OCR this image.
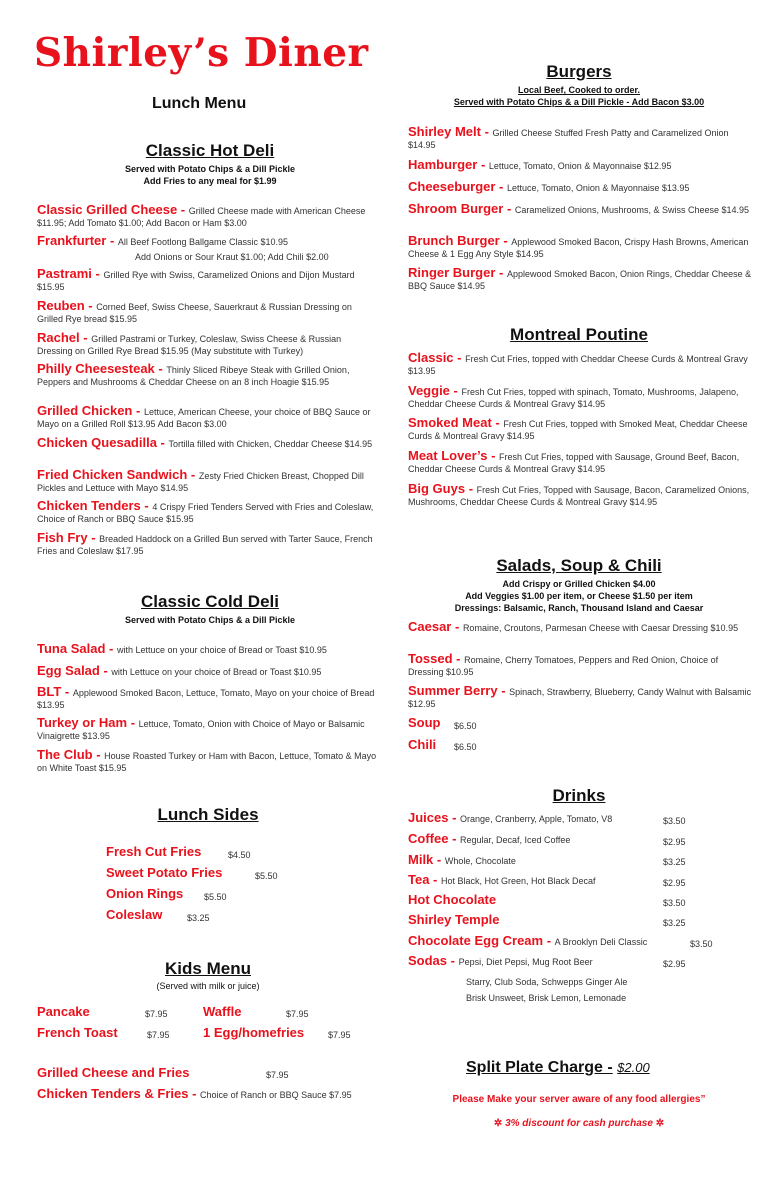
Shirley’s Diner
Lunch Menu
Classic Hot Deli
Served with Potato Chips & a Dill Pickle
Add Fries to any meal for $1.99
Classic Grilled Cheese - Grilled Cheese made with American Cheese $11.95; Add Tomato $1.00; Add Bacon or Ham $3.00
Frankfurter - All Beef Footlong Ballgame Classic $10.95
Add Onions or Sour Kraut $1.00; Add Chili $2.00
Pastrami - Grilled Rye with Swiss, Caramelized Onions and Dijon Mustard $15.95
Reuben - Corned Beef, Swiss Cheese, Sauerkraut & Russian Dressing on Grilled Rye bread $15.95
Rachel - Grilled Pastrami or Turkey, Coleslaw, Swiss Cheese & Russian Dressing on Grilled Rye Bread $15.95 (May substitute with Turkey)
Philly Cheesesteak - Thinly Sliced Ribeye Steak with Grilled Onion, Peppers and Mushrooms & Cheddar Cheese on an 8 inch Hoagie $15.95
Grilled Chicken - Lettuce, American Cheese, your choice of BBQ Sauce or Mayo on a Grilled Roll $13.95 Add Bacon $3.00
Chicken Quesadilla - Tortilla filled with Chicken, Cheddar Cheese $14.95
Fried Chicken Sandwich - Zesty Fried Chicken Breast, Chopped Dill Pickles and Lettuce with Mayo $14.95
Chicken Tenders - 4 Crispy Fried Tenders Served with Fries and Coleslaw, Choice of Ranch or BBQ Sauce $15.95
Fish Fry - Breaded Haddock on a Grilled Bun served with Tarter Sauce, French Fries and Coleslaw $17.95
Classic Cold Deli
Served with Potato Chips & a Dill Pickle
Tuna Salad - with Lettuce on your choice of Bread or Toast $10.95
Egg Salad - with Lettuce on your choice of Bread or Toast $10.95
BLT - Applewood Smoked Bacon, Lettuce, Tomato, Mayo on your choice of Bread $13.95
Turkey or Ham - Lettuce, Tomato, Onion with Choice of Mayo or Balsamic Vinaigrette $13.95
The Club - House Roasted Turkey or Ham with Bacon, Lettuce, Tomato & Mayo on White Toast $15.95
Lunch Sides
Fresh Cut Fries	$4.50
Sweet Potato Fries	$5.50
Onion Rings $5.50
Coleslaw	$3.25
Kids Menu
(Served with milk or juice)
Pancake	$7.95	Waffle	$7.95
French Toast	$7.95	1 Egg/homefries	$7.95
Grilled Cheese and Fries	$7.95
Chicken Tenders & Fries - Choice of Ranch or BBQ Sauce $7.95
Burgers
Local Beef, Cooked to order.
Served with Potato Chips & a Dill Pickle - Add Bacon $3.00
Shirley Melt - Grilled Cheese Stuffed Fresh Patty and Caramelized Onion $14.95
Hamburger - Lettuce, Tomato, Onion & Mayonnaise $12.95
Cheeseburger - Lettuce, Tomato, Onion & Mayonnaise $13.95
Shroom Burger - Caramelized Onions, Mushrooms, & Swiss Cheese $14.95
Brunch Burger - Applewood Smoked Bacon, Crispy Hash Browns, American Cheese & 1 Egg Any Style $14.95
Ringer Burger - Applewood Smoked Bacon, Onion Rings, Cheddar Cheese & BBQ Sauce $14.95
Montreal Poutine
Classic - Fresh Cut Fries, topped with Cheddar Cheese Curds & Montreal Gravy $13.95
Veggie - Fresh Cut Fries, topped with spinach, Tomato, Mushrooms, Jalapeno, Cheddar Cheese Curds & Montreal Gravy $14.95
Smoked Meat - Fresh Cut Fries, topped with Smoked Meat, Cheddar Cheese Curds & Montreal Gravy $14.95
Meat Lover’s - Fresh Cut Fries, topped with Sausage, Ground Beef, Bacon, Cheddar Cheese Curds & Montreal Gravy $14.95
Big Guys - Fresh Cut Fries, Topped with Sausage, Bacon, Caramelized Onions, Mushrooms, Cheddar Cheese Curds & Montreal Gravy $14.95
Salads, Soup & Chili
Add Crispy or Grilled Chicken $4.00
Add Veggies $1.00 per item, or Cheese $1.50 per item
Dressings: Balsamic, Ranch, Thousand Island and Caesar
Caesar - Romaine, Croutons, Parmesan Cheese with Caesar Dressing $10.95
Tossed - Romaine, Cherry Tomatoes, Peppers and Red Onion, Choice of Dressing $10.95
Summer Berry - Spinach, Strawberry, Blueberry, Candy Walnut with Balsamic $12.95
Soup $6.50
Chili $6.50
Drinks
Juices - Orange, Cranberry, Apple, Tomato, V8	$3.50
Coffee - Regular, Decaf, Iced Coffee	$2.95
Milk - Whole, Chocolate	$3.25
Tea - Hot Black, Hot Green, Hot Black Decaf	$2.95
Hot Chocolate	$3.50
Shirley Temple	$3.25
Chocolate Egg Cream - A Brooklyn Deli Classic	$3.50
Sodas - Pepsi, Diet Pepsi, Mug Root Beer	$2.95
Starry, Club Soda, Schwepps Ginger Ale
Brisk Unsweet, Brisk Lemon, Lemonade
Split Plate Charge - $2.00
Please Make your server aware of any food allergies”
✲ 3% discount for cash purchase ✲
